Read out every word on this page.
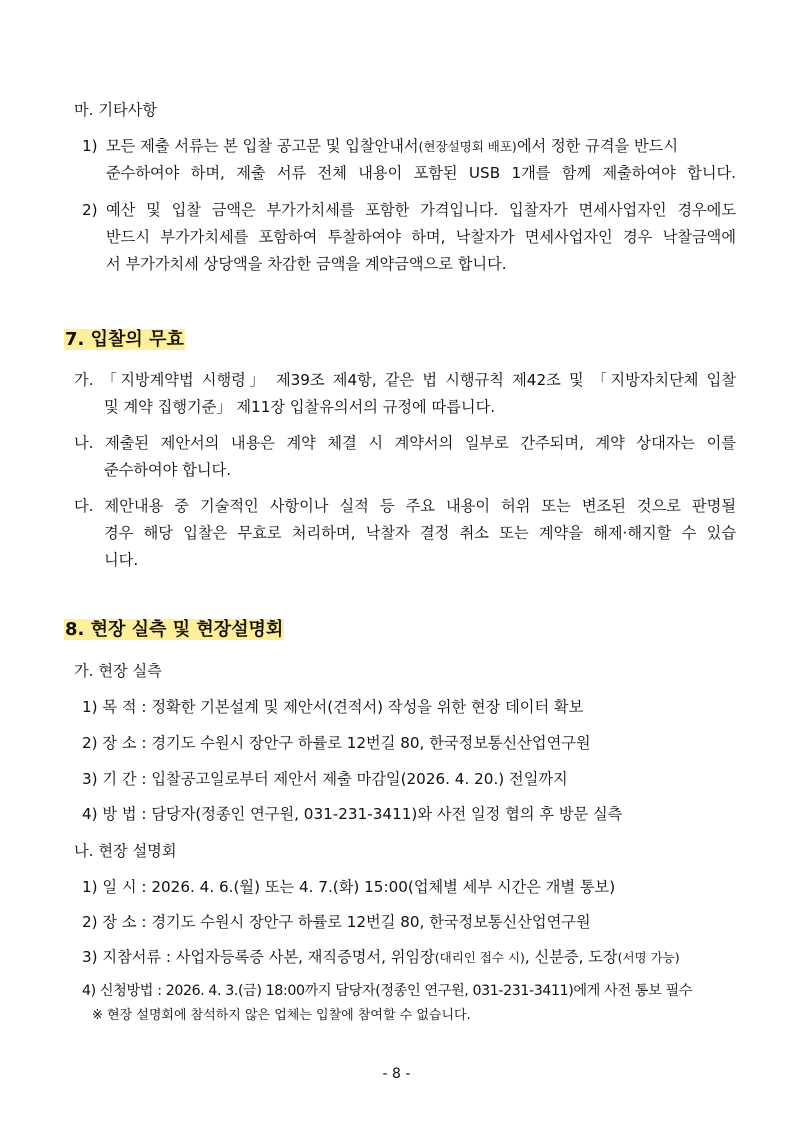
마. 기타사항
1) 모든 제출 서류는 본 입찰 공고문 및 입찰안내서(현장설명회 배포)에서 정한 규격을 반드시
준수하여야 하며, 제출 서류 전체 내용이 포함된 USB 1개를 함께 제출하여야 합니다.
2) 예산 및 입찰 금액은 부가가치세를 포함한 가격입니다. 입찰자가 면세사업자인 경우에도
반드시 부가가치세를 포함하여 투찰하여야 하며, 낙찰자가 면세사업자인 경우 낙찰금액에
서 부가가치세 상당액을 차감한 금액을 계약금액으로 합니다.
7. 입찰의 무효
가. 「지방계약법 시행령」 제39조 제4항, 같은 법 시행규칙 제42조 및 「지방자치단체 입찰
및 계약 집행기준」 제11장 입찰유의서의 규정에 따릅니다.
나. 제출된 제안서의 내용은 계약 체결 시 계약서의 일부로 간주되며, 계약 상대자는 이를
준수하여야 합니다.
다. 제안내용 중 기술적인 사항이나 실적 등 주요 내용이 허위 또는 변조된 것으로 판명될
경우 해당 입찰은 무효로 처리하며, 낙찰자 결정 취소 또는 계약을 해제·해지할 수 있습
니다.
8. 현장 실측 및 현장설명회
가. 현장 실측
1) 목 적 : 정확한 기본설계 및 제안서(견적서) 작성을 위한 현장 데이터 확보
2) 장 소 : 경기도 수원시 장안구 하률로 12번길 80, 한국정보통신산업연구원
3) 기 간 : 입찰공고일로부터 제안서 제출 마감일(2026. 4. 20.) 전일까지
4) 방 법 : 담당자(정종인 연구원, 031-231-3411)와 사전 일정 협의 후 방문 실측
나. 현장 설명회
1) 일 시 : 2026. 4. 6.(월) 또는 4. 7.(화) 15:00(업체별 세부 시간은 개별 통보)
2) 장 소 : 경기도 수원시 장안구 하률로 12번길 80, 한국정보통신산업연구원
3) 지참서류 : 사업자등록증 사본, 재직증명서, 위임장(대리인 접수 시), 신분증, 도장(서명 가능)
4) 신청방법 : 2026. 4. 3.(금) 18:00까지 담당자(정종인 연구원, 031-231-3411)에게 사전 통보 필수
※ 현장 설명회에 참석하지 않은 업체는 입찰에 참여할 수 없습니다.
- 8 -
